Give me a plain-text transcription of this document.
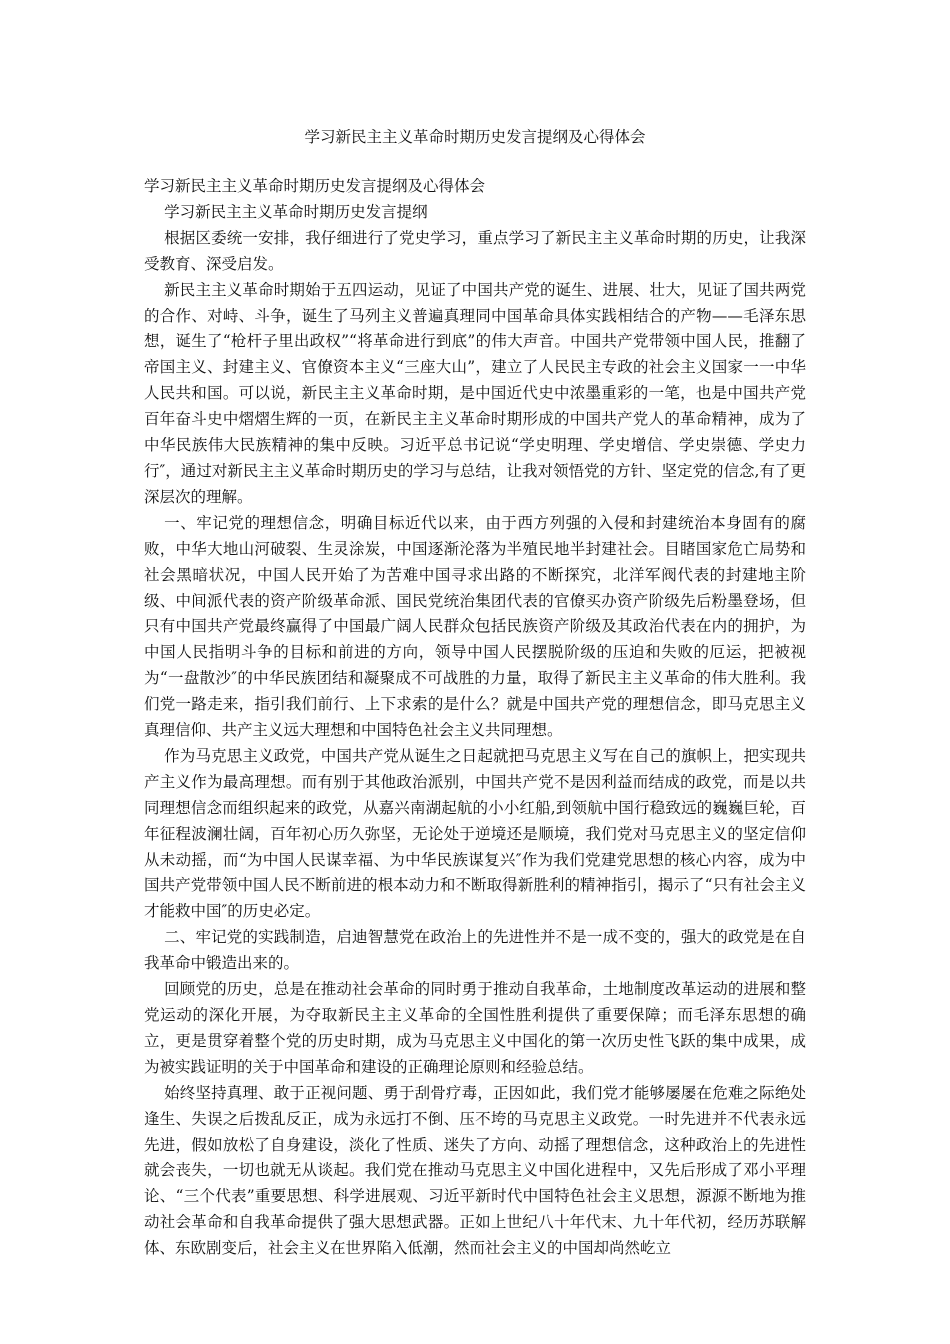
学习新民主主义革命时期历史发言提纲及心得体会

学习新民主主义革命时期历史发言提纲及心得体会

学习新民主主义革命时期历史发言提纲

根据区委统一安排，我仔细进行了党史学习，重点学习了新民主主义革命时期的历史，让我深受教育、深受启发。

新民主主义革命时期始于五四运动，见证了中国共产党的诞生、进展、壮大，见证了国共两党的合作、对峙、斗争，诞生了马列主义普遍真理同中国革命具体实践相结合的产物——毛泽东思想，诞生了“枪杆子里出政权”“将革命进行到底”的伟大声音。中国共产党带领中国人民，推翻了帝国主义、封建主义、官僚资本主义“三座大山”，建立了人民民主专政的社会主义国家一一中华人民共和国。可以说，新民主主义革命时期，是中国近代史中浓墨重彩的一笔，也是中国共产党百年奋斗史中熠熠生辉的一页，在新民主主义革命时期形成的中国共产党人的革命精神，成为了中华民族伟大民族精神的集中反映。习近平总书记说“学史明理、学史增信、学史崇德、学史力行″，通过对新民主主义革命时期历史的学习与总结，让我对领悟党的方针、坚定党的信念,有了更深层次的理解。

一、牢记党的理想信念，明确目标近代以来，由于西方列强的入侵和封建统治本身固有的腐败，中华大地山河破裂、生灵涂炭，中国逐渐沦落为半殖民地半封建社会。目睹国家危亡局势和社会黑暗状况，中国人民开始了为苦难中国寻求出路的不断探究，北洋军阀代表的封建地主阶级、中间派代表的资产阶级革命派、国民党统治集团代表的官僚买办资产阶级先后粉墨登场，但只有中国共产党最终赢得了中国最广阔人民群众包括民族资产阶级及其政治代表在内的拥护，为中国人民指明斗争的目标和前进的方向，领导中国人民摆脱阶级的压迫和失败的厄运，把被视为“一盘散沙″的中华民族团结和凝聚成不可战胜的力量，取得了新民主主义革命的伟大胜利。我们党一路走来，指引我们前行、上下求索的是什么？就是中国共产党的理想信念，即马克思主义真理信仰、共产主义远大理想和中国特色社会主义共同理想。

作为马克思主义政党，中国共产党从诞生之日起就把马克思主义写在自己的旗帜上，把实现共产主义作为最高理想。而有别于其他政治派别，中国共产党不是因利益而结成的政党，而是以共同理想信念而组织起来的政党，从嘉兴南湖起航的小小红船,到领航中国行稳致远的巍巍巨轮，百年征程波澜壮阔，百年初心历久弥坚，无论处于逆境还是顺境，我们党对马克思主义的坚定信仰从未动摇，而“为中国人民谋幸福、为中华民族谋复兴″作为我们党建党思想的核心内容，成为中国共产党带领中国人民不断前进的根本动力和不断取得新胜利的精神指引，揭示了“只有社会主义才能救中国″的历史必定。

二、牢记党的实践制造，启迪智慧党在政治上的先进性并不是一成不变的，强大的政党是在自我革命中锻造出来的。

回顾党的历史，总是在推动社会革命的同时勇于推动自我革命，土地制度改革运动的进展和整党运动的深化开展，为夺取新民主主义革命的全国性胜利提供了重要保障；而毛泽东思想的确立，更是贯穿着整个党的历史时期，成为马克思主义中国化的第一次历史性飞跃的集中成果，成为被实践证明的关于中国革命和建设的正确理论原则和经验总结。

始终坚持真理、敢于正视问题、勇于刮骨疗毒，正因如此，我们党才能够屡屡在危难之际绝处逢生、失误之后拨乱反正，成为永远打不倒、压不垮的马克思主义政党。一时先进并不代表永远先进，假如放松了自身建设，淡化了性质、迷失了方向、动摇了理想信念，这种政治上的先进性就会丧失，一切也就无从谈起。我们党在推动马克思主义中国化进程中，又先后形成了邓小平理论、“三个代表”重要思想、科学进展观、习近平新时代中国特色社会主义思想，源源不断地为推动社会革命和自我革命提供了强大思想武器。正如上世纪八十年代末、九十年代初，经历苏联解体、东欧剧变后，社会主义在世界陷入低潮，然而社会主义的中国却尚然屹立
